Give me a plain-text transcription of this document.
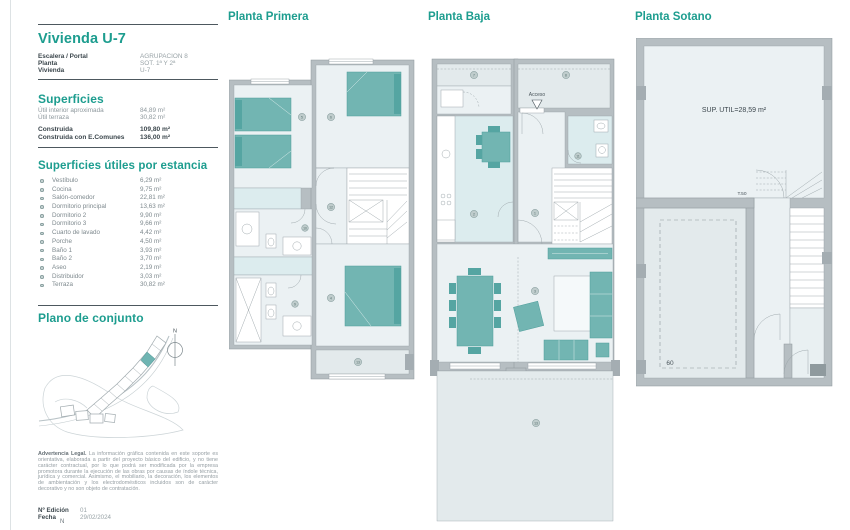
Vivienda U-7
Escalera / Portal	AGRUPACION 8
Planta	SOT. 1ª Y 2ª
Vivienda	U-7
Superficies
Útil interior aproximada	84,89 m²
Útil terraza	30,82 m²
Construida	109,80 m²
Construida con E.Comunes 136,00 m²
Superficies útiles por estancia
Vestíbulo	6,29 m²
Cocina	9,75 m²
Salón-comedor	22,81 m²
Dormitorio principal	13,63 m²
Dormitorio 2	9,90 m²
Dormitorio 3	9,66 m²
Cuarto de lavado	4,42 m²
Porche	4,50 m²
Baño 1	3,93 m²
Baño 2	3,70 m²
Aseo	2,19 m²
Distribuidor	3,03 m²
Terraza	30,82 m²
Plano de conjunto
N
Advertencia Legal. La información gráfica contenida en este soporte es orientativa, elaborada a partir del proyecto básico del edificio, y no tiene carácter contractual, por lo que podrá ser modificada por la empresa promotora durante la ejecución de las obras por causas de índole técnica, jurídica y comercial. Asimismo, el mobiliario, la decoración, los elementos de ambientación y los electrodomésticos incluidos son de carácter decorativo y no son objeto de contratación.
Nº Edición 01
Fecha	29/02/2024
N
Planta Primera
5	6
10
12
9
4
13
Planta Baja
Acceso
7	8
2	1
11
3
13
Planta Sotano
60
SUP. UTIL=28,59 m²
T.50
